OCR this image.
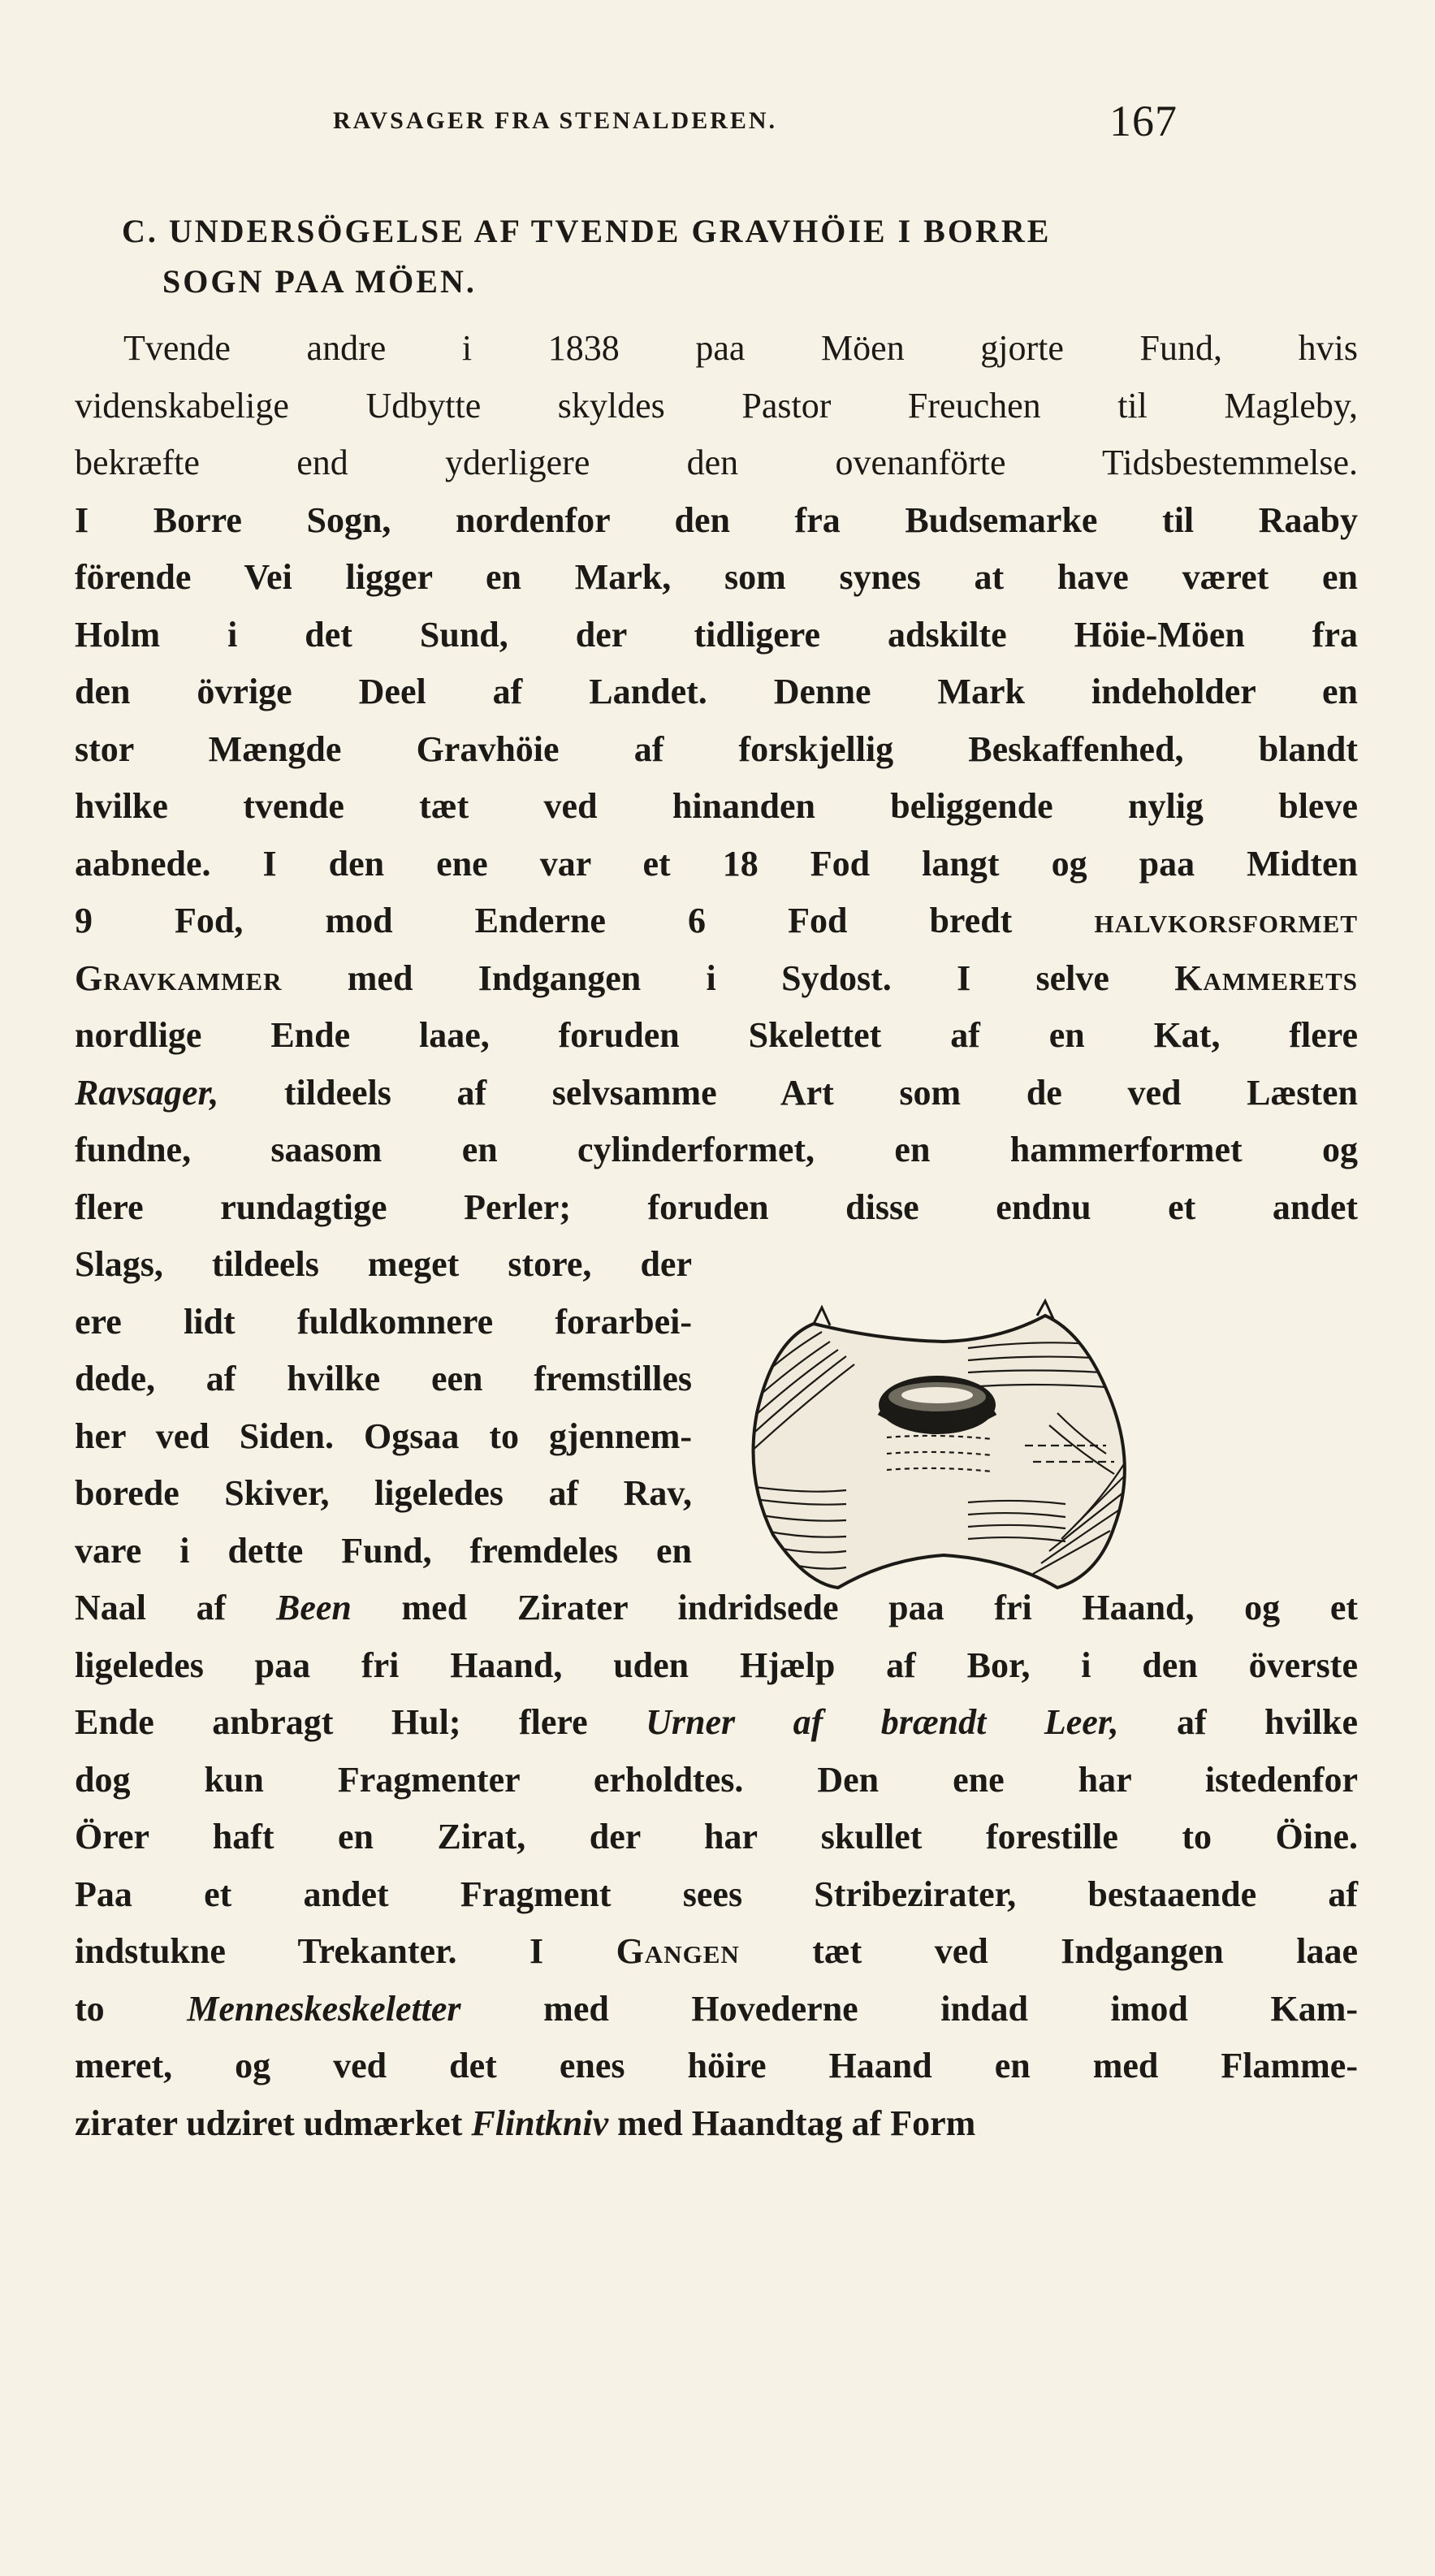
RAVSAGER FRA STENALDEREN.	167
C. UNDERSÖGELSE AF TVENDE GRAVHÖIE I BORRE
SOGN PAA MÖEN.
Tvende andre i 1838 paa Möen gjorte Fund, hvis
videnskabelige Udbytte skyldes Pastor Freuchen til Magleby,
bekræfte end yderligere den ovenanförte Tidsbestemmelse.
I Borre Sogn, nordenfor den fra Budsemarke til Raaby
förende Vei ligger en Mark, som synes at have været en
Holm i det Sund, der tidligere adskilte Höie-Möen fra
den övrige Deel af Landet. Denne Mark indeholder en
stor Mængde Gravhöie af forskjellig Beskaffenhed, blandt
hvilke tvende tæt ved hinanden beliggende nylig bleve
aabnede. I den ene var et 18 Fod langt og paa Midten
9 Fod, mod Enderne 6 Fod bredt halvkorsformet
Gravkammer med Indgangen i Sydost. I selve Kammerets
nordlige Ende laae, foruden Skelettet af en Kat, flere
Ravsager, tildeels af selvsamme Art som de ved Læsten
fundne, saasom en cylinderformet, en hammerformet og
flere rundagtige Perler; foruden disse endnu et andet
Slags, tildeels meget store, der
ere lidt fuldkomnere forarbei-
dede, af hvilke een fremstilles
her ved Siden. Ogsaa to gjennem-
borede Skiver, ligeledes af Rav,
vare i dette Fund, fremdeles en
Naal af Been med Zirater indridsede paa fri Haand, og et
ligeledes paa fri Haand, uden Hjælp af Bor, i den överste
Ende anbragt Hul; flere Urner af brændt Leer, af hvilke
dog kun Fragmenter erholdtes. Den ene har istedenfor
Örer haft en Zirat, der har skullet forestille to Öine.
Paa et andet Fragment sees Stribezirater, bestaaende af
indstukne Trekanter. I Gangen tæt ved Indgangen laae
to Menneskeskeletter med Hovederne indad imod Kam-
meret, og ved det enes höire Haand en med Flamme-
zirater udziret udmærket Flintkniv med Haandtag af Form
